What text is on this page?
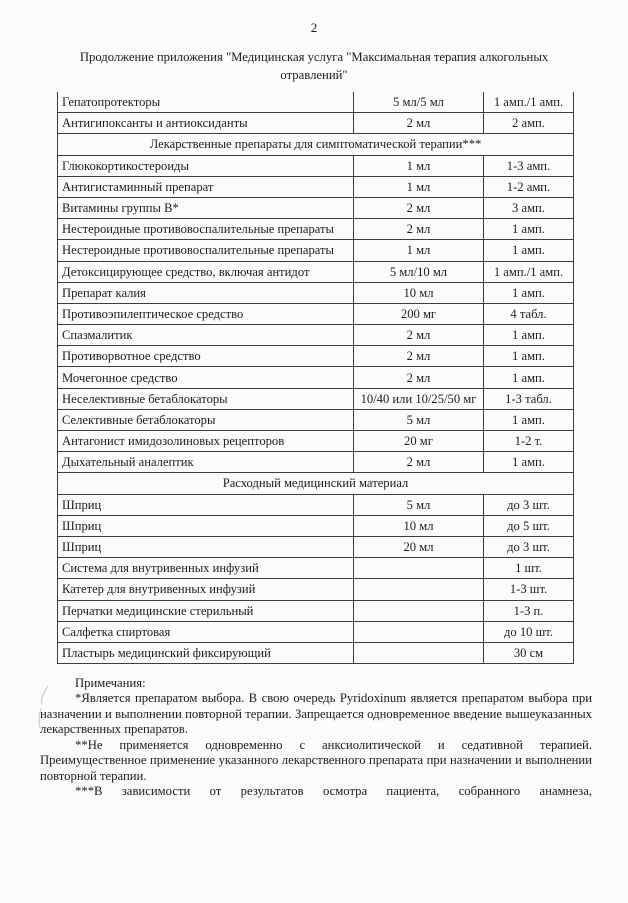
2
Продолжение приложения "Медицинская услуга "Максимальная терапия алкогольных
отравлений"
Гепатопротекторы	5 мл/5 мл	1 амп./1 амп.
Антигипоксанты и антиоксиданты	2 мл	2 амп.
Лекарственные препараты для симптоматической терапии***		
Глюкокортикостероиды	1 мл	1-3 амп.
Антигистаминный препарат	1 мл	1-2 амп.
Витамины группы В*	2 мл	3 амп.
Нестероидные противовоспалительные препараты	2 мл	1 амп.
Нестероидные противовоспалительные препараты	1 мл	1 амп.
Детоксицирующее средство, включая антидот	5 мл/10 мл	1 амп./1 амп.
Препарат калия	10 мл	1 амп.
Противоэпилептическое средство	200 мг	4 табл.
Спазмалитик	2 мл	1 амп.
Противорвотное средство	2 мл	1 амп.
Мочегонное средство	2 мл	1 амп.
Неселективные бетаблокаторы	10/40 или 10/25/50 мг	1-3 табл.
Селективные бетаблокаторы	5 мл	1 амп.
Антагонист имидозолиновых рецепторов	20 мг	1-2 т.
Дыхательный аналептик	2 мл	1 амп.
Расходный медицинский материал		
Шприц	5 мл	до 3 шт.
Шприц	10 мл	до 5 шт.
Шприц	20 мл	до 3 шт.
Система для внутривенных инфузий		1 шт.
Катетер для внутривенных инфузий		1-3 шт.
Перчатки медицинские стерильный		1-3 п.
Салфетка спиртовая		до 10 шт.
Пластырь медицинский фиксирующий		30 см

Примечания:

*Является препаратом выбора. В свою очередь Pyridoxinum является препаратом выбора при назначении и выполнении повторной терапии. Запрещается одновременное введение вышеуказанных лекарственных препаратов.

**Не применяется одновременно с анксиолитической и седативной терапией. Преимущественное применение указанного лекарственного препарата при назначении и выполнении повторной терапии.

***В зависимости от результатов осмотра пациента, собранного анамнеза,
